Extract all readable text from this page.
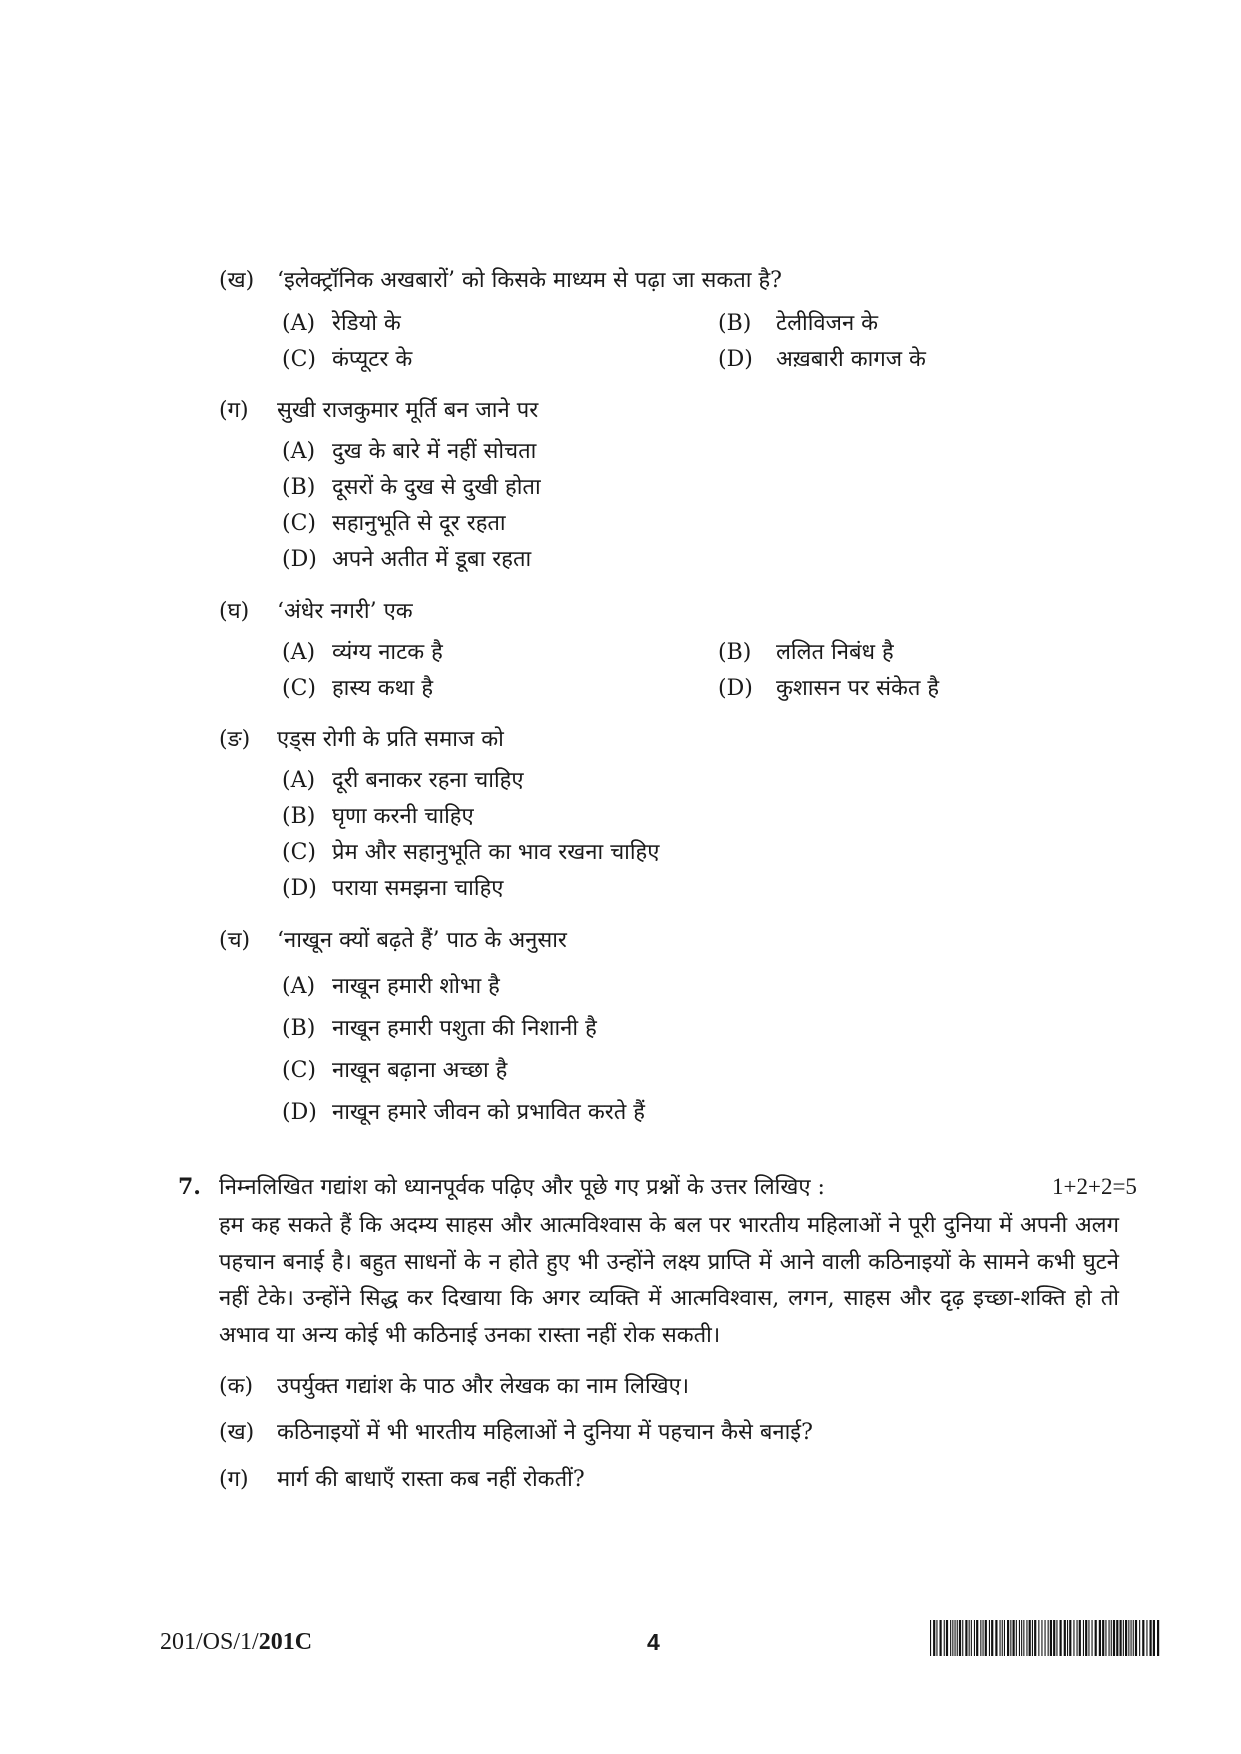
(ख) ‘इलेक्ट्रॉनिक अखबारों’ को किसके माध्यम से पढ़ा जा सकता है?
(A) रेडियो के	(B) टेलीविजन के
(C) कंप्यूटर के	(D) अख़बारी कागज के
(ग) सुखी राजकुमार मूर्ति बन जाने पर
(A) दुख के बारे में नहीं सोचता
(B) दूसरों के दुख से दुखी होता
(C) सहानुभूति से दूर रहता
(D) अपने अतीत में डूबा रहता
(घ) ‘अंधेर नगरी’ एक
(A) व्यंग्य नाटक है	(B) ललित निबंध है
(C) हास्य कथा है	(D) कुशासन पर संकेत है
(ङ) एड्स रोगी के प्रति समाज को
(A) दूरी बनाकर रहना चाहिए
(B) घृणा करनी चाहिए
(C) प्रेम और सहानुभूति का भाव रखना चाहिए
(D) पराया समझना चाहिए
(च) ‘नाखून क्यों बढ़ते हैं’ पाठ के अनुसार
(A) नाखून हमारी शोभा है
(B) नाखून हमारी पशुता की निशानी है
(C) नाखून बढ़ाना अच्छा है
(D) नाखून हमारे जीवन को प्रभावित करते हैं
7. निम्नलिखित गद्यांश को ध्यानपूर्वक पढ़िए और पूछे गए प्रश्नों के उत्तर लिखिए :	1+2+2=5
हम कह सकते हैं कि अदम्य साहस और आत्मविश्वास के बल पर भारतीय महिलाओं ने पूरी दुनिया में अपनी अलग पहचान बनाई है। बहुत साधनों के न होते हुए भी उन्होंने लक्ष्य प्राप्ति में आने वाली कठिनाइयों के सामने कभी घुटने नहीं टेके। उन्होंने सिद्ध कर दिखाया कि अगर व्यक्ति में आत्मविश्वास, लगन, साहस और दृढ़ इच्छा-शक्ति हो तो अभाव या अन्य कोई भी कठिनाई उनका रास्ता नहीं रोक सकती।
(क) उपर्युक्त गद्यांश के पाठ और लेखक का नाम लिखिए।
(ख) कठिनाइयों में भी भारतीय महिलाओं ने दुनिया में पहचान कैसे बनाई?
(ग) मार्ग की बाधाएँ रास्ता कब नहीं रोकतीं?
201/OS/1/201C	4
